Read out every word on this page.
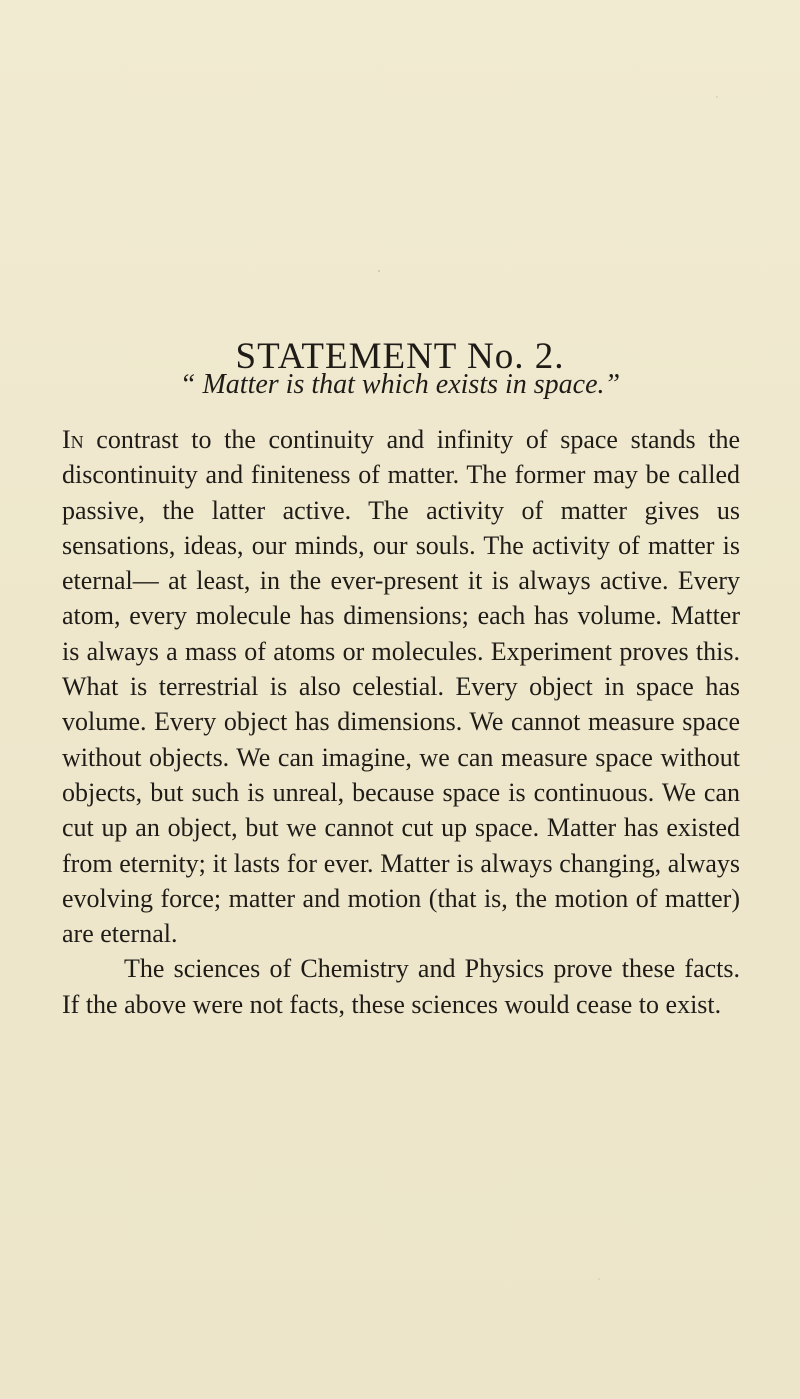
STATEMENT No. 2.
“ Matter is that which exists in space.”

In contrast to the continuity and infinity of space stands the discontinuity and finiteness of matter. The former may be called passive, the latter active. The activity of matter gives us sensations, ideas, our minds, our souls. The activity of matter is eternal— at least, in the ever-present it is always active. Every atom, every molecule has dimensions; each has volume. Matter is always a mass of atoms or molecules. Experiment proves this. What is terrestrial is also celestial. Every object in space has volume. Every object has dimensions. We cannot measure space without objects. We can imagine, we can measure space without objects, but such is unreal, because space is continuous. We can cut up an object, but we cannot cut up space. Matter has existed from eternity; it lasts for ever. Matter is always changing, always evolving force; matter and motion (that is, the motion of matter) are eternal.

The sciences of Chemistry and Physics prove these facts. If the above were not facts, these sciences would cease to exist.
